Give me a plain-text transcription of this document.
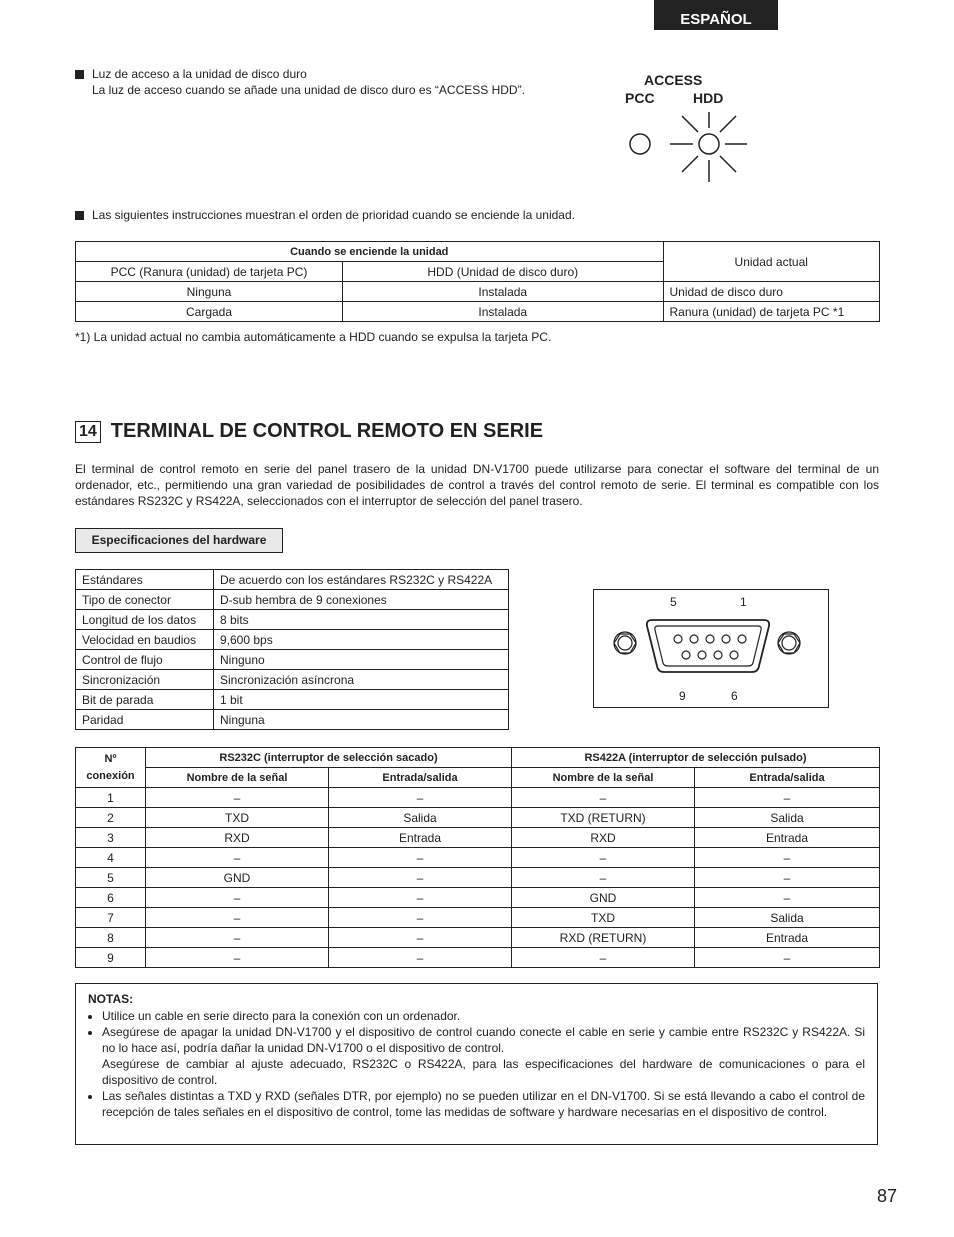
ESPAÑOL
Luz de acceso a la unidad de disco duro
La luz de acceso cuando se añade una unidad de disco duro es “ACCESS HDD”.
ACCESS
PCC	HDD
Las siguientes instrucciones muestran el orden de prioridad cuando se enciende la unidad.
Cuando se enciende la unidad		Unidad actual
PCC (Ranura (unidad) de tarjeta PC)	HDD (Unidad de disco duro)	
Ninguna	Instalada	Unidad de disco duro
Cargada	Instalada	Ranura (unidad) de tarjeta PC *1
*1) La unidad actual no cambia automáticamente a HDD cuando se expulsa la tarjeta PC.
14 TERMINAL DE CONTROL REMOTO EN SERIE
El terminal de control remoto en serie del panel trasero de la unidad DN-V1700 puede utilizarse para conectar el software del terminal de un ordenador, etc., permitiendo una gran variedad de posibilidades de control a través del control remoto de serie. El terminal es compatible con los estándares RS232C y RS422A, seleccionados con el interruptor de selección del panel trasero.
Especificaciones del hardware
Estándares	De acuerdo con los estándares RS232C y RS422A
Tipo de conector	D-sub hembra de 9 conexiones
Longitud de los datos	8 bits
Velocidad en baudios	9,600 bps
Control de flujo	Ninguno
Sincronización	Sincronización asíncrona
Bit de parada	1 bit
Paridad	Ninguna
5	1
9	6
Nº conexión	RS232C (interruptor de selección sacado)		RS422A (interruptor de selección pulsado)	
	Nombre de la señal	Entrada/salida	Nombre de la señal	Entrada/salida
1	–	–	–	–
2	TXD	Salida	TXD (RETURN)	Salida
3	RXD	Entrada	RXD	Entrada
4	–	–	–	–
5	GND	–	–	–
6	–	–	GND	–
7	–	–	TXD	Salida
8	–	–	RXD (RETURN)	Entrada
9	–	–	–	–
NOTAS:
• Utilice un cable en serie directo para la conexión con un ordenador.
• Asegúrese de apagar la unidad DN-V1700 y el dispositivo de control cuando conecte el cable en serie y cambie entre RS232C y RS422A. Si no lo hace así, podría dañar la unidad DN-V1700 o el dispositivo de control.
Asegúrese de cambiar al ajuste adecuado, RS232C o RS422A, para las especificaciones del hardware de comunicaciones o para el dispositivo de control.
• Las señales distintas a TXD y RXD (señales DTR, por ejemplo) no se pueden utilizar en el DN-V1700. Si se está llevando a cabo el control de recepción de tales señales en el dispositivo de control, tome las medidas de software y hardware necesarias en el dispositivo de control.
87
